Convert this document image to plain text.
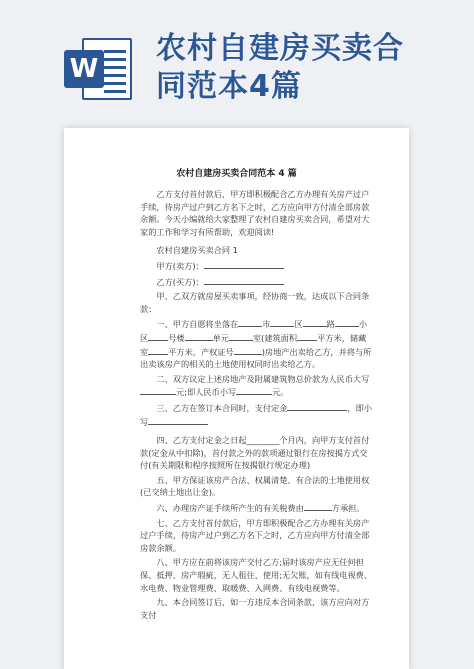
W
农村自建房买卖合
同范本4篇
农村自建房买卖合同范本 4 篇

乙方支付首付款后，甲方即积极配合乙方办理有关房产过户手续，待房产过户到乙方名下之时，乙方应向甲方付清全部房款余额。今天小编就给大家整理了农村自建房买卖合同，希望对大家的工作和学习有所帮助，欢迎阅读!

农村自建房买卖合同 1

甲方(卖方)：

乙方(买方)：

甲、乙双方就房屋买卖事项，经协商一致，达成以下合同条款：

一、甲方自愿将坐落在	市	区	路	小区 号楼	单元	室(建筑面积 平方米，储藏室 平方米，产权证号	)房地产出卖给乙方，并将与所出卖该房产的相关的土地使用权同时出卖给乙方。

二、双方议定上述房地产及附属建筑物总价款为人民币大写元;即人民币小写	元。

三、乙方在签订本合同时，支付定金	，即小写

四、乙方支付定金之日起________个月内，向甲方支付首付款(定金从中扣除)，首付款之外的款项通过银行在房按揭方式交付(有关期限和程序按照所在按揭银行规定办理)

五、甲方保证该房产合法、权属清楚、有合法的土地使用权(已交纳土地出让金)。

六、办理房产证手续所产生的有关税费由	方承担。

七、乙方支付首付款后，甲方即积极配合乙方办理有关房产过户手续，待房产过户到乙方名下之时，乙方应向甲方付清全部房款余额。

八、甲方应在前将该房产交付乙方;届时该房产应无任何担保、抵押、房产瑕疵，无人租住、使用;无欠账，如有线电视费、水电费、物业管理费、取暖费、入网费、有线电视费等。

九、本合同签订后，如一方违反本合同条款，该方应向对方支付
